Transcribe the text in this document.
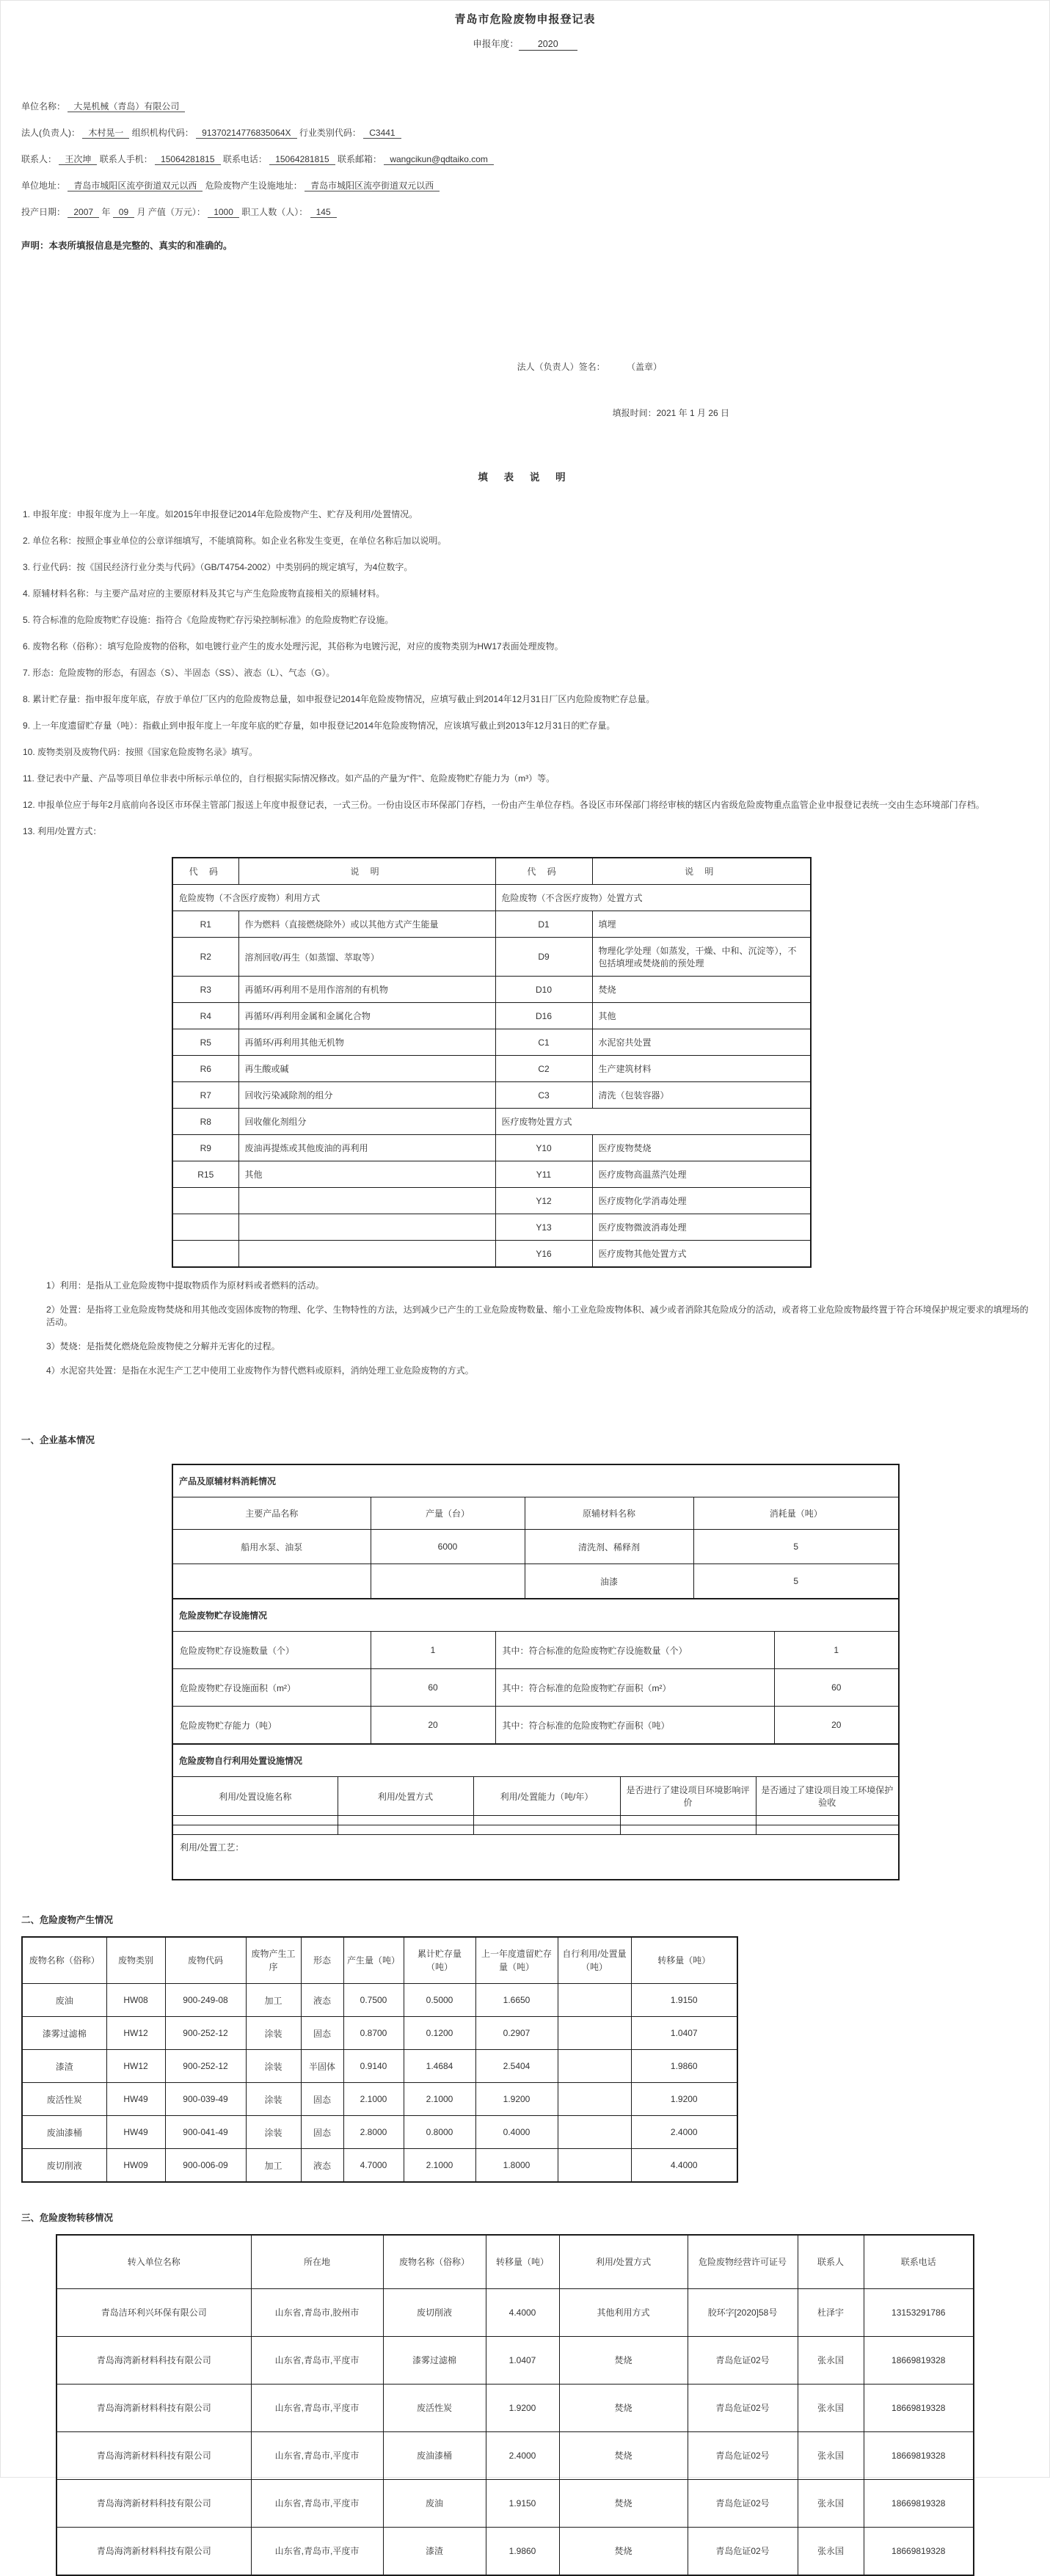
青岛市危险废物申报登记表
申报年度： 2020

单位名称： 大晃机械（青岛）有限公司

法人(负责人)： 木村晃一 组织机构代码： 91370214776835064X 行业类别代码： C3441

联系人： 王次坤 联系人手机： 15064281815 联系电话： 15064281815 联系邮箱： wangcikun@qdtaiko.com

单位地址： 青岛市城阳区流亭街道双元以西 危险废物产生设施地址： 青岛市城阳区流亭街道双元以西

投产日期： 2007 年 09 月 产值（万元）： 1000 职工人数（人）： 145

声明：本表所填报信息是完整的、真实的和准确的。

法人（负责人）签名： （盖章）
填报时间：2021 年 1 月 26 日
填 表 说 明

1. 申报年度：申报年度为上一年度。如2015年申报登记2014年危险废物产生、贮存及利用/处置情况。

2. 单位名称：按照企事业单位的公章详细填写，不能填简称。如企业名称发生变更，在单位名称后加以说明。

3. 行业代码：按《国民经济行业分类与代码》（GB/T4754-2002）中类别码的规定填写，为4位数字。

4. 原辅材料名称：与主要产品对应的主要原材料及其它与产生危险废物直接相关的原辅材料。

5. 符合标准的危险废物贮存设施：指符合《危险废物贮存污染控制标准》的危险废物贮存设施。

6. 废物名称（俗称）：填写危险废物的俗称，如电镀行业产生的废水处理污泥，其俗称为电镀污泥，对应的废物类别为HW17表面处理废物。

7. 形态：危险废物的形态，有固态（S）、半固态（SS）、液态（L）、气态（G）。

8. 累计贮存量：指申报年度年底，存放于单位厂区内的危险废物总量，如申报登记2014年危险废物情况，应填写截止到2014年12月31日厂区内危险废物贮存总量。

9. 上一年度遗留贮存量（吨）：指截止到申报年度上一年度年底的贮存量，如申报登记2014年危险废物情况，应该填写截止到2013年12月31日的贮存量。

10. 废物类别及废物代码：按照《国家危险废物名录》填写。

11. 登记表中产量、产品等项目单位非表中所标示单位的，自行根据实际情况修改。如产品的产量为“件”、危险废物贮存能力为（m³）等。

12. 申报单位应于每年2月底前向各设区市环保主管部门报送上年度申报登记表，一式三份。一份由设区市环保部门存档，一份由产生单位存档。各设区市环保部门将经审核的辖区内省级危险废物重点监管企业申报登记表统一交由生态环境部门存档。

13. 利用/处置方式：

代 码	说 明	代 码	说 明
危险废物（不含医疗废物）利用方式		危险废物（不含医疗废物）处置方式	
R1	作为燃料（直接燃烧除外）或以其他方式产生能量	D1	填埋
R2	溶剂回收/再生（如蒸馏、萃取等）	D9	物理化学处理（如蒸发，干燥、中和、沉淀等），不包括填埋或焚烧前的预处理
R3	再循环/再利用不是用作溶剂的有机物	D10	焚烧
R4	再循环/再利用金属和金属化合物	D16	其他
R5	再循环/再利用其他无机物	C1	水泥窑共处置
R6	再生酸或碱	C2	生产建筑材料
R7	回收污染减除剂的组分	C3	清洗（包装容器）
R8	回收催化剂组分	医疗废物处置方式	
R9	废油再提炼或其他废油的再利用	Y10	医疗废物焚烧
R15	其他	Y11	医疗废物高温蒸汽处理
		Y12	医疗废物化学消毒处理
		Y13	医疗废物微波消毒处理
		Y16	医疗废物其他处置方式

1）利用：是指从工业危险废物中提取物质作为原材料或者燃料的活动。

2）处置：是指将工业危险废物焚烧和用其他改变固体废物的物理、化学、生物特性的方法，达到减少已产生的工业危险废物数量、缩小工业危险废物体积、减少或者消除其危险成分的活动，或者将工业危险废物最终置于符合环境保护规定要求的填埋场的活动。

3）焚烧：是指焚化燃烧危险废物使之分解并无害化的过程。

4）水泥窑共处置：是指在水泥生产工艺中使用工业废物作为替代燃料或原料，消纳处理工业危险废物的方式。

一、企业基本情况
产品及原辅材料消耗情况			
主要产品名称	产量（台）	原辅材料名称	消耗量（吨）
船用水泵、油泵	6000	清洗剂、稀释剂	5
		油漆	5
危险废物贮存设施情况			
危险废物贮存设施数量（个）	1	其中：符合标准的危险废物贮存设施数量（个）	1
危险废物贮存设施面积（m²）	60	其中：符合标准的危险废物贮存面积（m²）	60
危险废物贮存能力（吨）	20	其中：符合标准的危险废物贮存面积（吨）	20
危险废物自行利用处置设施情况				
利用/处置设施名称	利用/处置方式	利用/处置能力（吨/年）	是否进行了建设项目环境影响评价	是否通过了建设项目竣工环境保护验收

利用/处置工艺：				
二、危险废物产生情况
废物名称（俗称）	废物类别	废物代码	废物产生工序	形态	产生量（吨）	累计贮存量（吨）	上一年度遗留贮存量（吨）	自行利用/处置量（吨）	转移量（吨）
废油	HW08	900-249-08	加工	液态	0.7500	0.5000	1.6650		1.9150
漆雾过滤棉	HW12	900-252-12	涂装	固态	0.8700	0.1200	0.2907		1.0407
漆渣	HW12	900-252-12	涂装	半固体	0.9140	1.4684	2.5404		1.9860
废活性炭	HW49	900-039-49	涂装	固态	2.1000	2.1000	1.9200		1.9200
废油漆桶	HW49	900-041-49	涂装	固态	2.8000	0.8000	0.4000		2.4000
废切削液	HW09	900-006-09	加工	液态	4.7000	2.1000	1.8000		4.4000
三、危险废物转移情况
转入单位名称	所在地	废物名称（俗称）	转移量（吨）	利用/处置方式	危险废物经营许可证号	联系人	联系电话
青岛洁环利兴环保有限公司	山东省,青岛市,胶州市	废切削液	4.4000	其他利用方式	胶环字[2020]58号	杜泽宇	13153291786
青岛海湾新材料科技有限公司	山东省,青岛市,平度市	漆雾过滤棉	1.0407	焚烧	青岛危证02号	张永国	18669819328
青岛海湾新材料科技有限公司	山东省,青岛市,平度市	废活性炭	1.9200	焚烧	青岛危证02号	张永国	18669819328
青岛海湾新材料科技有限公司	山东省,青岛市,平度市	废油漆桶	2.4000	焚烧	青岛危证02号	张永国	18669819328
青岛海湾新材料科技有限公司	山东省,青岛市,平度市	废油	1.9150	焚烧	青岛危证02号	张永国	18669819328
青岛海湾新材料科技有限公司	山东省,青岛市,平度市	漆渣	1.9860	焚烧	青岛危证02号	张永国	18669819328
